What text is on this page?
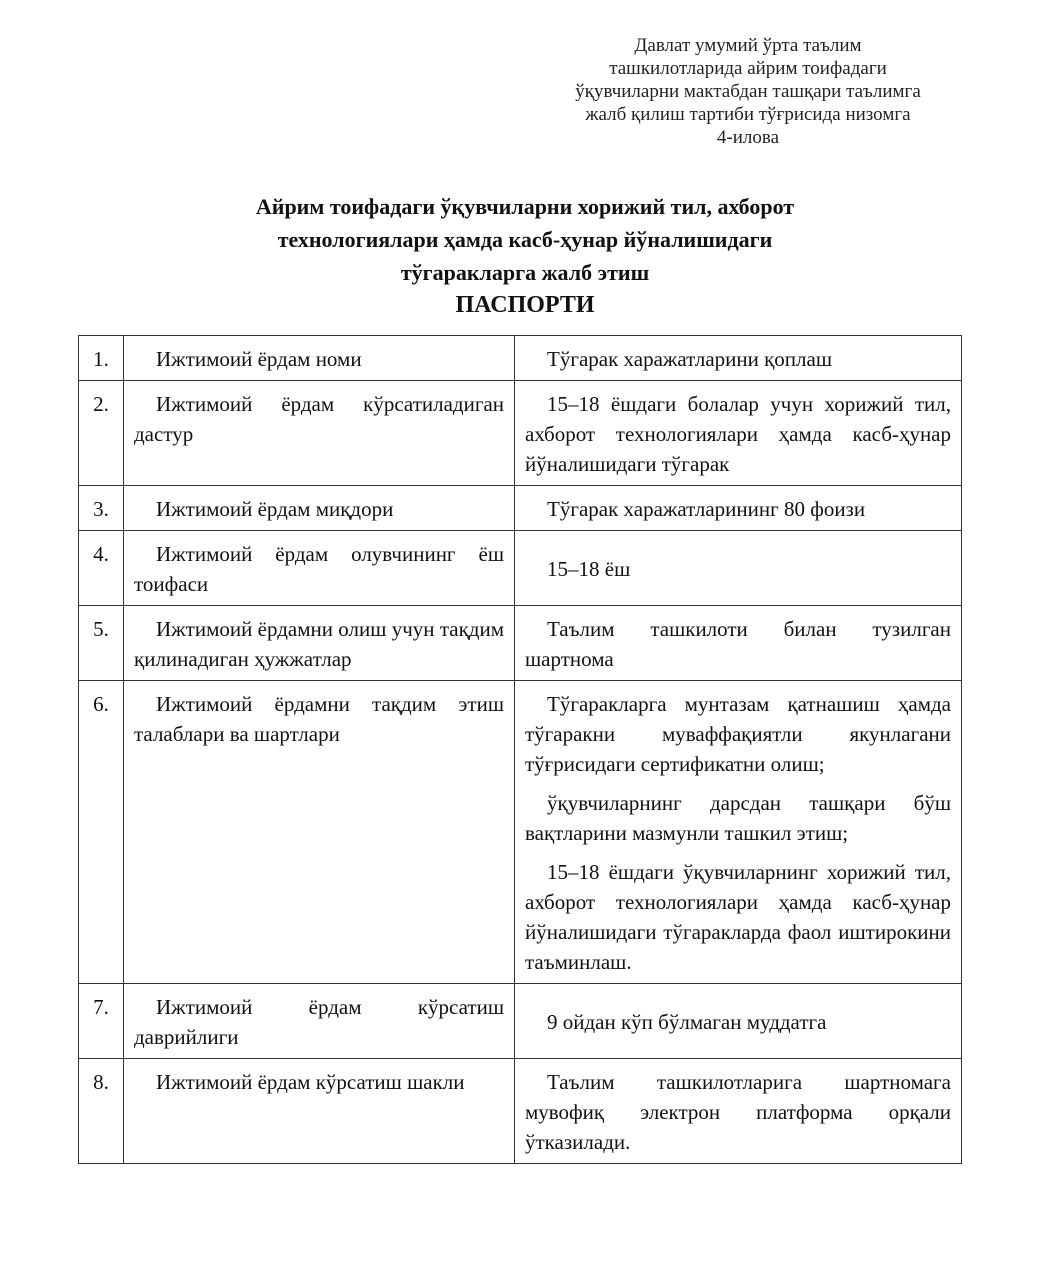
Давлат умумий ўрта таълим
ташкилотларида айрим тоифадаги
ўқувчиларни мактабдан ташқари таълимга
жалб қилиш тартиби тўғрисида низомга
4-илова
Айрим тоифадаги ўқувчиларни хорижий тил, ахборот
технологиялари ҳамда касб-ҳунар йўналишидаги
тўгаракларга жалб этиш
ПАСПОРТИ
1.	Ижтимоий ёрдам номи	Тўгарак харажатларини қоплаш

2.	Ижтимоий ёрдам кўрсатиладиган дастур	15–18 ёшдаги болалар учун хорижий тил, ахборот технологиялари ҳамда касб-ҳунар йўналишидаги тўгарак

3.	Ижтимоий ёрдам миқдори	Тўгарак харажатларининг 80 фоизи

4.	Ижтимоий ёрдам олувчининг ёш тоифаси	15–18 ёш

5.	Ижтимоий ёрдамни олиш учун тақдим қилинадиган ҳужжатлар	Таълим ташкилоти билан тузилган шартнома

6.	Ижтимоий ёрдамни тақдим этиш талаблари ва шартлари	Тўгаракларга мунтазам қатнашиш ҳамда тўгаракни муваффақиятли якунлагани тўғрисидаги сертификатни олиш;

ўқувчиларнинг дарсдан ташқари бўш вақтларини мазмунли ташкил этиш;

15–18 ёшдаги ўқувчиларнинг хорижий тил, ахборот технологиялари ҳамда касб-ҳунар йўналишидаги тўгаракларда фаол иштирокини таъминлаш.

7.	Ижтимоий ёрдам кўрсатиш даврийлиги	9 ойдан кўп бўлмаган муддатга

8.	Ижтимоий ёрдам кўрсатиш шакли	Таълим ташкилотларига шартномага мувофиқ электрон платформа орқали ўтказилади.
